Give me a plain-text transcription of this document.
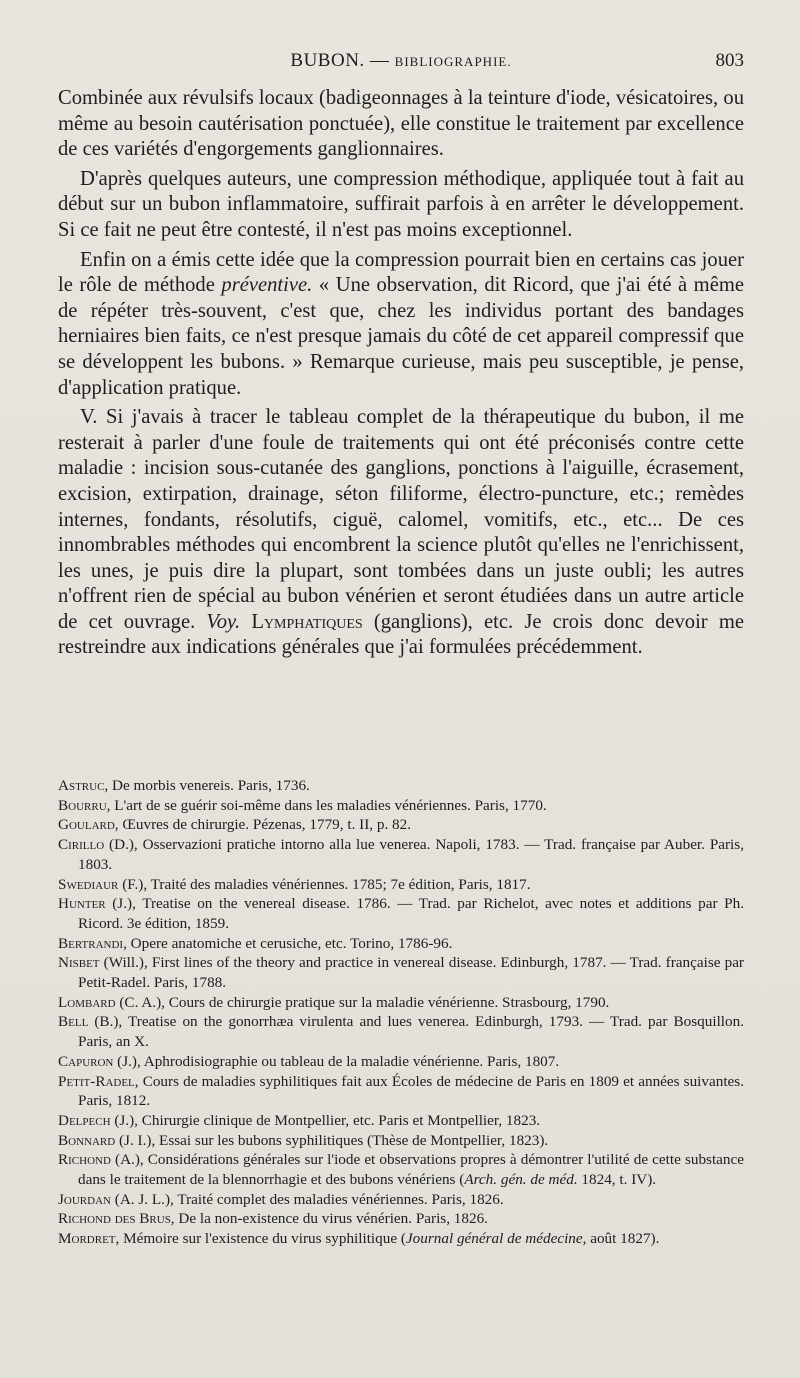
BUBON. — BIBLIOGRAPHIE.	803

Combinée aux révulsifs locaux (badigeonnages à la teinture d'iode, vésicatoires, ou même au besoin cautérisation ponctuée), elle constitue le traitement par excellence de ces variétés d'engorgements ganglionnaires.

D'après quelques auteurs, une compression méthodique, appliquée tout à fait au début sur un bubon inflammatoire, suffirait parfois à en arrêter le développement. Si ce fait ne peut être contesté, il n'est pas moins exceptionnel.

Enfin on a émis cette idée que la compression pourrait bien en certains cas jouer le rôle de méthode préventive. « Une observation, dit Ricord, que j'ai été à même de répéter très-souvent, c'est que, chez les individus portant des bandages herniaires bien faits, ce n'est presque jamais du côté de cet appareil compressif que se développent les bubons. » Remarque curieuse, mais peu susceptible, je pense, d'application pratique.

V. Si j'avais à tracer le tableau complet de la thérapeutique du bubon, il me resterait à parler d'une foule de traitements qui ont été préconisés contre cette maladie : incision sous-cutanée des ganglions, ponctions à l'aiguille, écrasement, excision, extirpation, drainage, séton filiforme, électro-puncture, etc.; remèdes internes, fondants, résolutifs, ciguë, calomel, vomitifs, etc., etc... De ces innombrables méthodes qui encombrent la science plutôt qu'elles ne l'enrichissent, les unes, je puis dire la plupart, sont tombées dans un juste oubli; les autres n'offrent rien de spécial au bubon vénérien et seront étudiées dans un autre article de cet ouvrage. Voy. Lymphatiques (ganglions), etc. Je crois donc devoir me restreindre aux indications générales que j'ai formulées précédemment.

Astruc, De morbis venereis. Paris, 1736.

Bourru, L'art de se guérir soi-même dans les maladies vénériennes. Paris, 1770.

Goulard, Œuvres de chirurgie. Pézenas, 1779, t. II, p. 82.

Cirillo (D.), Osservazioni pratiche intorno alla lue venerea. Napoli, 1783. — Trad. française par Auber. Paris, 1803.

Swediaur (F.), Traité des maladies vénériennes. 1785; 7e édition, Paris, 1817.

Hunter (J.), Treatise on the venereal disease. 1786. — Trad. par Richelot, avec notes et additions par Ph. Ricord. 3e édition, 1859.

Bertrandi, Opere anatomiche et cerusiche, etc. Torino, 1786-96.

Nisbet (Will.), First lines of the theory and practice in venereal disease. Edinburgh, 1787. — Trad. française par Petit-Radel. Paris, 1788.

Lombard (C. A.), Cours de chirurgie pratique sur la maladie vénérienne. Strasbourg, 1790.

Bell (B.), Treatise on the gonorrhæa virulenta and lues venerea. Edinburgh, 1793. — Trad. par Bosquillon. Paris, an X.

Capuron (J.), Aphrodisiographie ou tableau de la maladie vénérienne. Paris, 1807.

Petit-Radel, Cours de maladies syphilitiques fait aux Écoles de médecine de Paris en 1809 et années suivantes. Paris, 1812.

Delpech (J.), Chirurgie clinique de Montpellier, etc. Paris et Montpellier, 1823.

Bonnard (J. I.), Essai sur les bubons syphilitiques (Thèse de Montpellier, 1823).

Richond (A.), Considérations générales sur l'iode et observations propres à démontrer l'utilité de cette substance dans le traitement de la blennorrhagie et des bubons vénériens (Arch. gén. de méd. 1824, t. IV).

Jourdan (A. J. L.), Traité complet des maladies vénériennes. Paris, 1826.

Richond des Brus, De la non-existence du virus vénérien. Paris, 1826.

Mordret, Mémoire sur l'existence du virus syphilitique (Journal général de médecine, août 1827).
